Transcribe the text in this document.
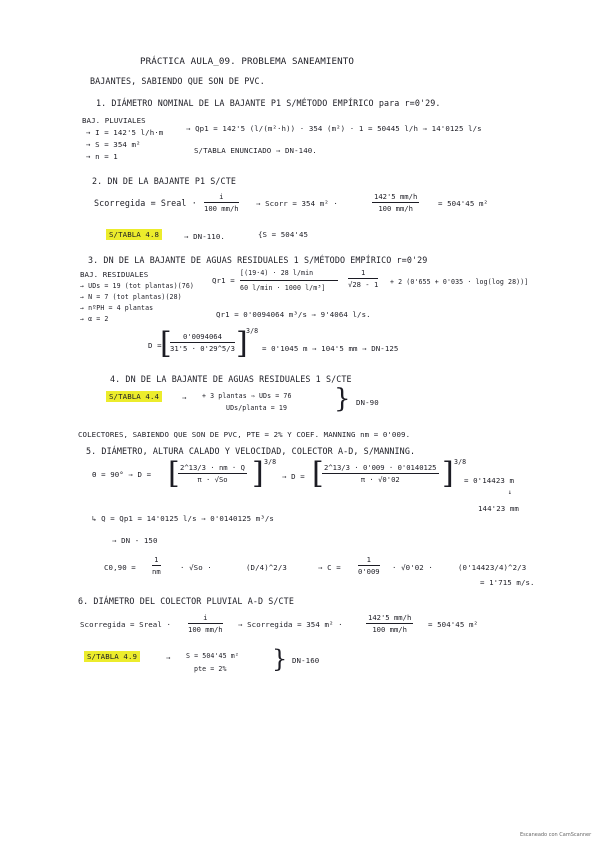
PRÁCTICA AULA_09. PROBLEMA SANEAMIENTO
BAJANTES, SABIENDO QUE SON DE PVC.
1. DIÁMETRO NOMINAL DE LA BAJANTE P1 S/MÉTODO EMPÍRICO para r=0'29.
BAJ. PLUVIALES
→ I = 142'5 l/h·m
→ S = 354 m²
→ n = 1
⇒ Qp1 = 142'5 (l/(m²·h)) · 354 (m²) · 1 = 50445 l/h ⇒ 14'0125 l/s
S/TABLA ENUNCIADO ⇒ DN-140.
2. DN DE LA BAJANTE P1 S/CTE
Scorregida = Sreal · $\frac{i}{100 mm/h}$ ⇒ Scorr = 354 m² ·	$\frac{142'5 mm/h}{100 mm/h}$	= 504'45 m²
S/TABLA 4.8	⇒ DN-110.	{S = 504'45
3. DN DE LA BAJANTE DE AGUAS RESIDUALES 1 S/MÉTODO EMPÍRICO r=0'29
BAJ. RESIDUALES
→ UDs = 19 (tot plantas)(76)
→ N = 7 (tot plantas)(28)
→ nºPH = 4 plantas
→ α = 2
Qr1 =
[(19·4) · 28 l/min
60 l/min · 1000 l/m³]	$\frac{1}{√28 - 1} + 2$ (0'655 + 0'035 · log(log 28))]
Qr1 = 0'0094064 m³/s ⇒ 9'4064 l/s.
D =
[
$\frac{0'0094064}{31'5 \cdot 0'29\^{}5/3}$ ]
3/8
= 0'1045 m ⇒ 104'5 mm ⇒ DN-125
4. DN DE LA BAJANTE DE AGUAS RESIDUALES 1 S/CTE
S/TABLA 4.4	⇒ + 3 plantas ⇒ UDs = 76
UDs/planta = 19 } DN-90
COLECTORES, SABIENDO QUE SON DE PVC, PTE = 2% Y COEF. MANNING nm = 0'009.
5. DIÁMETRO, ALTURA CALADO Y VELOCIDAD, COLECTOR A-D, S/MANNING.
Θ = 90° ⇒ D = [
$\frac{2\^{}13/3 \cdot nm \cdot Q}{\pi \cdot √So}$ ] 3/8
⇒ D = [
$\frac{2\^{}13/3 \cdot 0'009 \cdot 0'0140125}{\pi \cdot √0'02}$ ] 3/8
= 0'14423 m
↓
144'23 mm
↳ Q = Qp1 = 14'0125 l/s ⇒ 0'0140125 m³/s
⇒ DN - 150
$C0,90 = \frac{1}{nm}$	· √So ·	(D/4)^2/3	⇒ $C = \frac{1}{0'009} \cdot √0'02$ ·	(0'14423/4)^2/3
= 1'715 m/s.
6. DIÁMETRO DEL COLECTOR PLUVIAL A-D S/CTE
Scorregida = Sreal · $\frac{i}{100 mm/h}$ ⇒ Scorregida = 354 m² ·	$\frac{142'5 mm/h}{100 mm/h} = 504'45$ m²
S/TABLA 4.9	⇒ S = 504'45 m²
pte = 2% } DN-160
Escaneado con CamScanner
